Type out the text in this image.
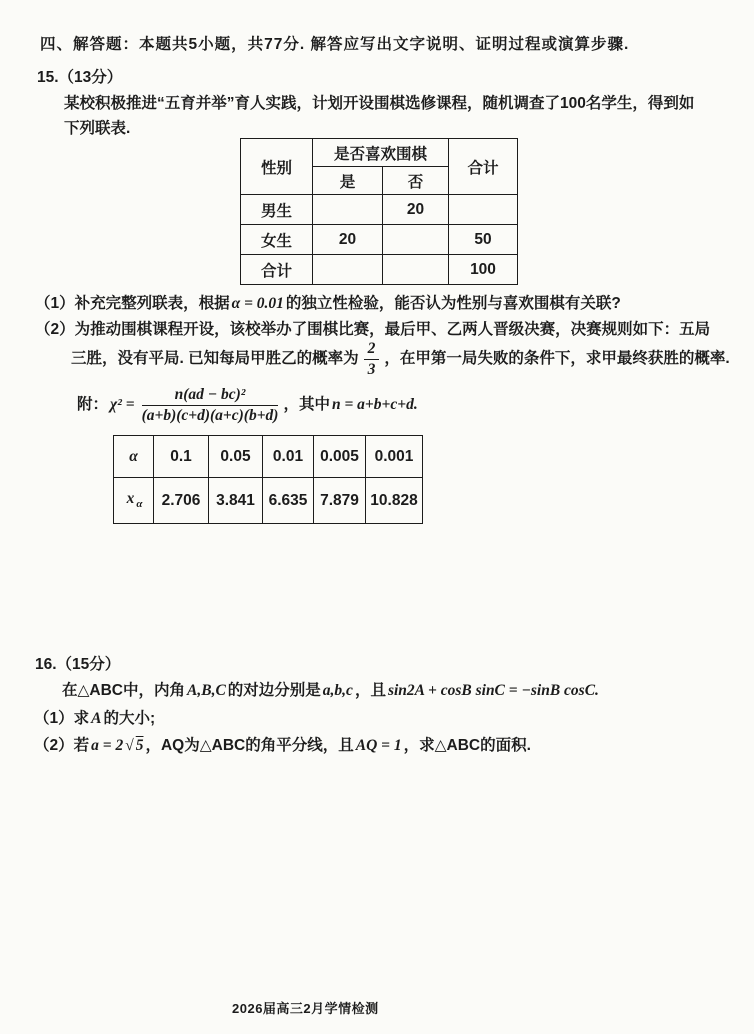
四、解答题：本题共5小题，共77分. 解答应写出文字说明、证明过程或演算步骤.
15.（13分）
某校积极推进“五育并举”育人实践，计划开设围棋选修课程，随机调查了100名学生，得到如
下列联表.
性别	是否喜欢围棋		合计
	是	否	
男生		20	
女生	20		50
合计			100
（1）补充完整列联表，根据 α = 0.01 的独立性检验，能否认为性别与喜欢围棋有关联?
（2）为推动围棋课程开设，该校举办了围棋比赛，最后甲、乙两人晋级决赛，决赛规则如下：五局
三胜，没有平局. 已知每局甲胜乙的概率为 $\frac{2}{3}$ ，在甲第一局失败的条件下，求甲最终获胜的概率.
附： $\chi^2 = \frac{\text{n(ad − bc)²}}{(a+b)(c+d)(a+c)(b+d)}$ ，其中 n = a+b+c+d.
α	0.1	0.05	0.01	0.005	0.001
x $_\alpha$	2.706	3.841	6.635	7.879	10.828
16.（15分）
在△ABC中，内角 A,B,C 的对边分别是 a,b,c ，且 sin2A + cosB sinC = −sinB cosC.
（1）求 A 的大小;
（2）若 a = 2 √ 5 ，AQ为△ABC的角平分线，且 AQ = 1 ，求△ABC的面积.
2026届高三2月学情检测
